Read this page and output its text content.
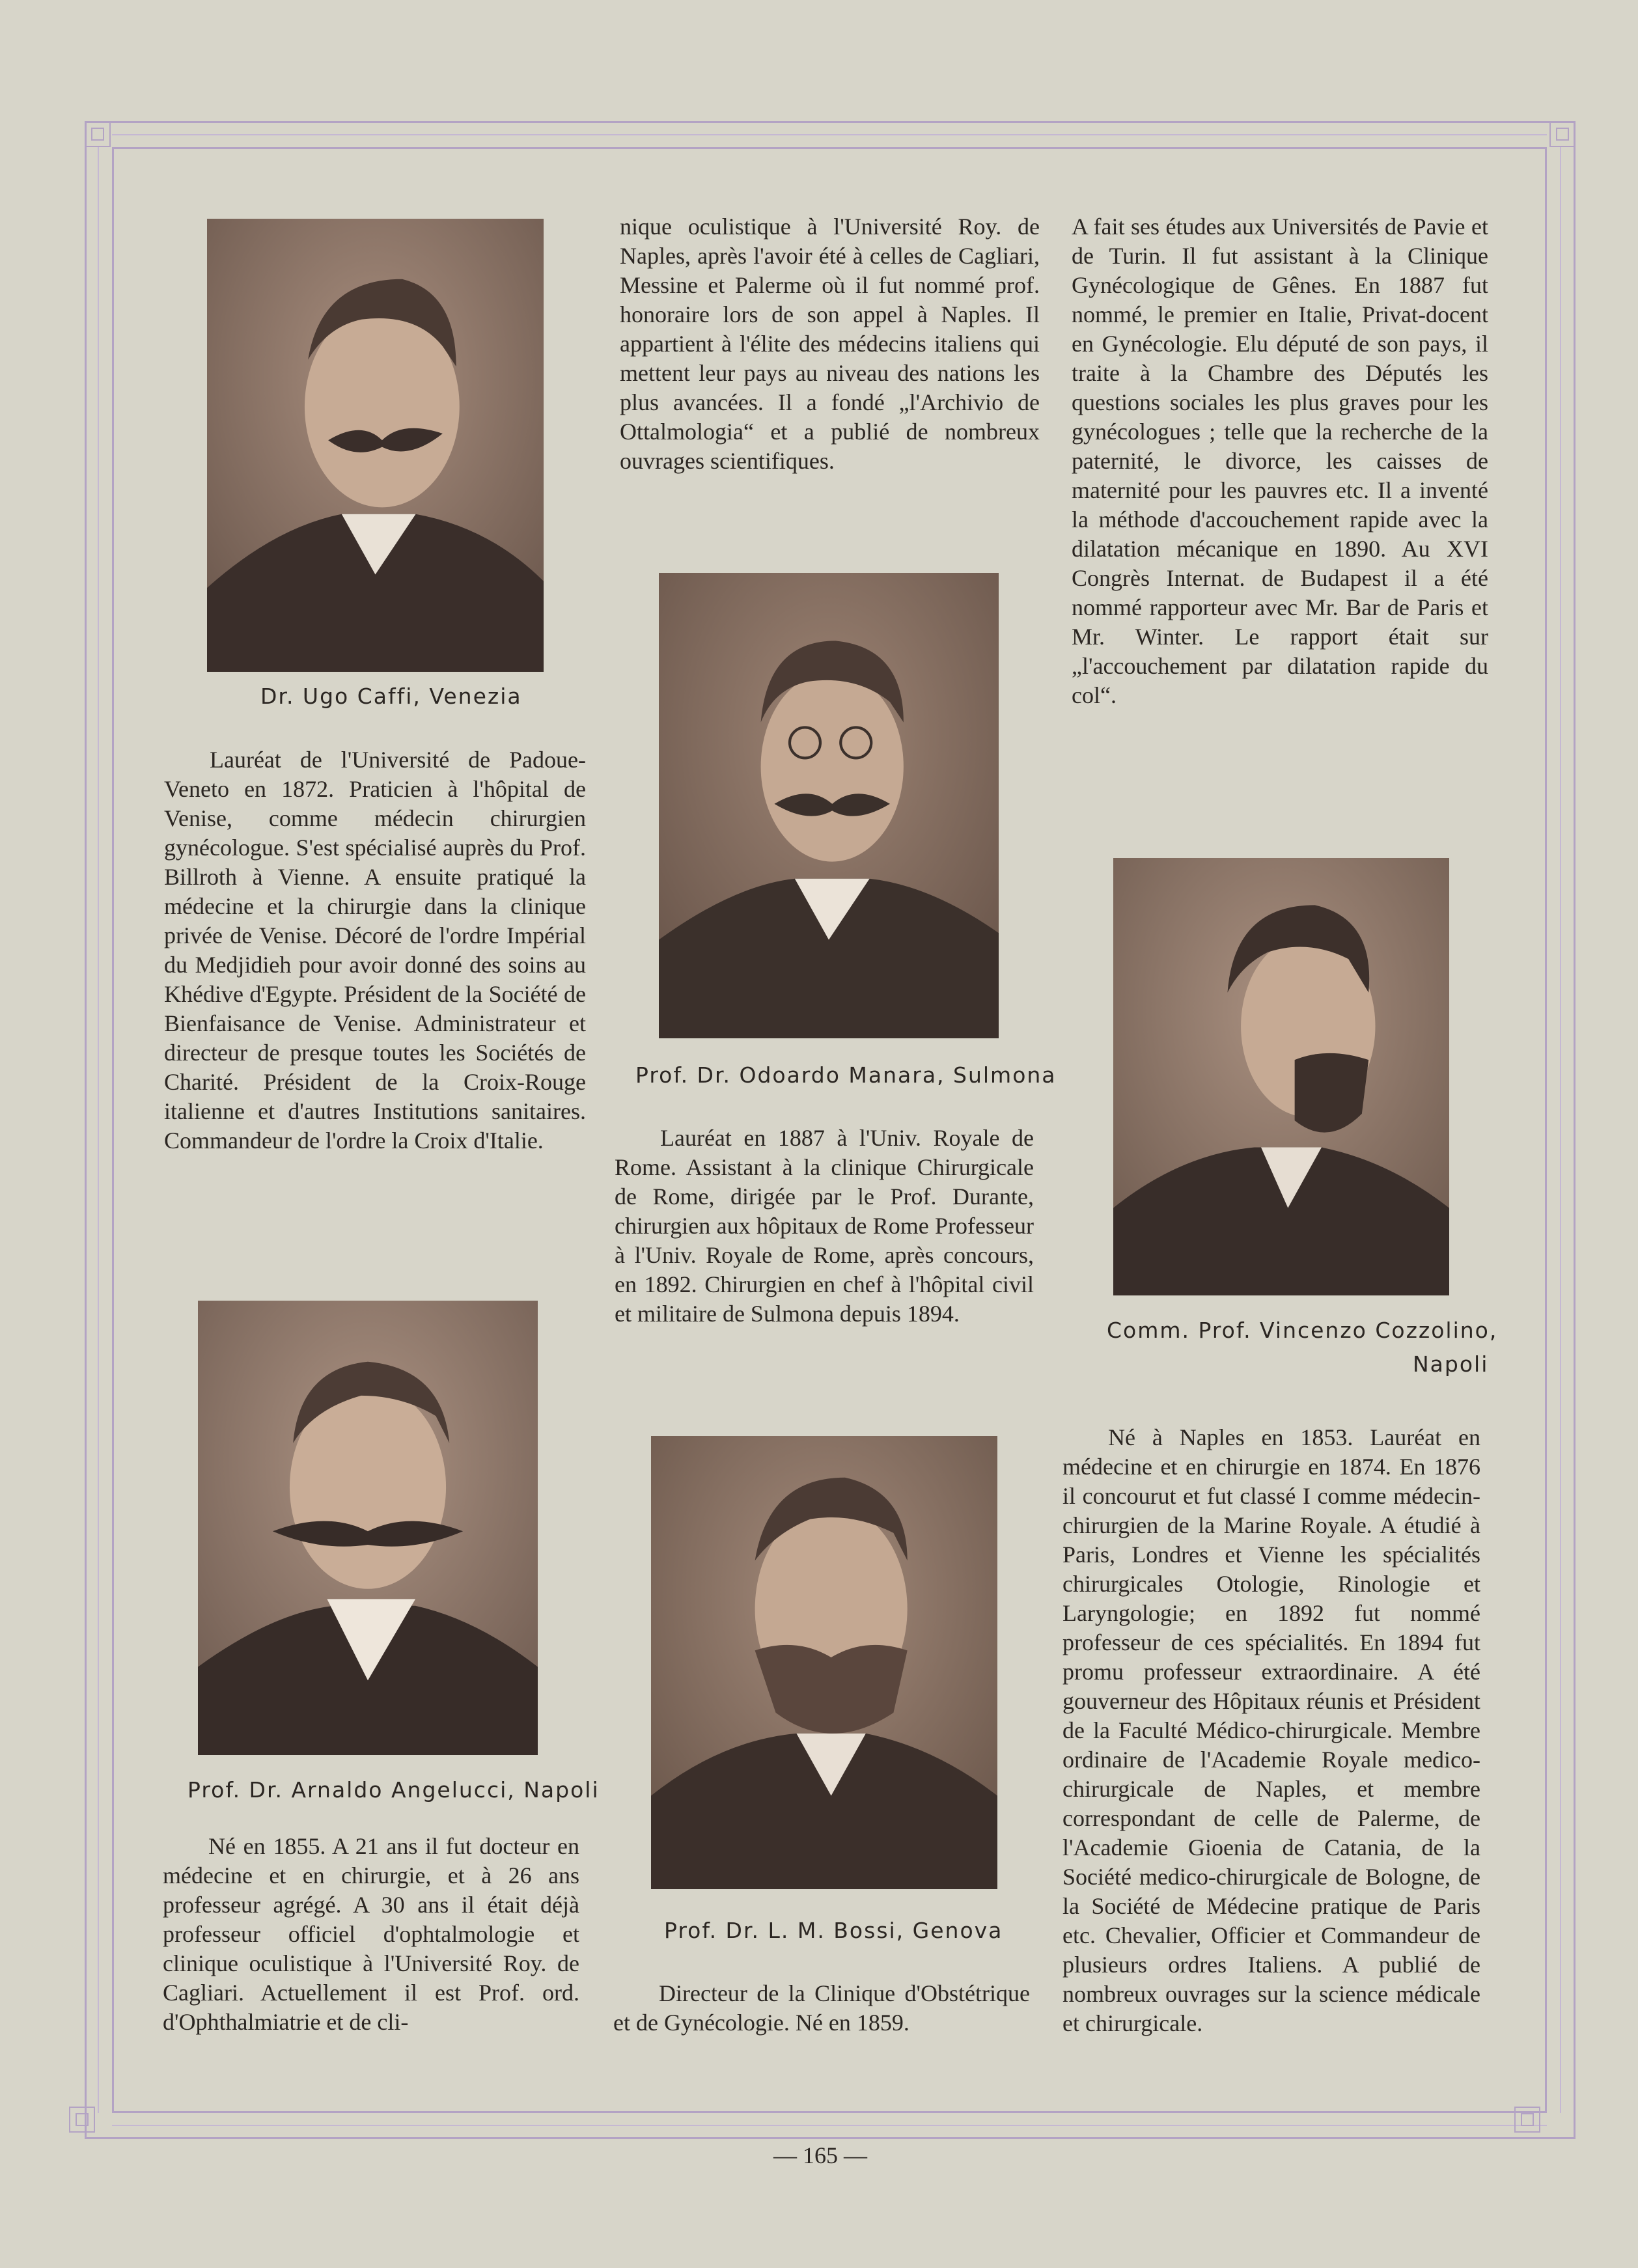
Dr. Ugo Caffi, Venezia

Lauréat de l'Université de Padoue-Veneto en 1872. Praticien à l'hôpital de Venise, comme médecin chirurgien gynécologue. S'est spécialisé auprès du Prof. Billroth à Vienne. A ensuite pratiqué la médecine et la chirurgie dans la clinique privée de Venise. Décoré de l'ordre Impérial du Medjidieh pour avoir donné des soins au Khédive d'Egypte. Président de la Société de Bienfaisance de Venise. Administrateur et directeur de presque toutes les Sociétés de Charité. Président de la Croix-Rouge italienne et d'autres Institutions sanitaires. Commandeur de l'ordre la Croix d'Italie.

nique oculistique à l'Université Roy. de Naples, après l'avoir été à celles de Cagliari, Messine et Palerme où il fut nommé prof. honoraire lors de son appel à Naples. Il appartient à l'élite des médecins italiens qui mettent leur pays au niveau des nations les plus avancées. Il a fondé „l'Archivio de Ottalmologia“ et a publié de nombreux ouvrages scientifiques.

A fait ses études aux Universités de Pavie et de Turin. Il fut assistant à la Clinique Gynécologique de Gênes. En 1887 fut nommé, le premier en Italie, Privat-docent en Gynécologie. Elu député de son pays, il traite à la Chambre des Députés les questions sociales les plus graves pour les gynécologues ; telle que la recherche de la paternité, le divorce, les caisses de maternité pour les pauvres etc. Il a inventé la méthode d'accouchement rapide avec la dilatation mécanique en 1890. Au XVI Congrès Internat. de Budapest il a été nommé rapporteur avec Mr. Bar de Paris et Mr. Winter. Le rapport était sur „l'accouchement par dilatation rapide du col“.

Prof. Dr. Odoardo Manara, Sulmona

Lauréat en 1887 à l'Univ. Royale de Rome. Assistant à la clinique Chirurgicale de Rome, dirigée par le Prof. Durante, chirurgien aux hôpitaux de Rome Professeur à l'Univ. Royale de Rome, après concours, en 1892. Chirurgien en chef à l'hôpital civil et militaire de Sulmona depuis 1894.

Comm. Prof. Vincenzo Cozzolino,
Napoli

Né à Naples en 1853. Lauréat en médecine et en chirurgie en 1874. En 1876 il concourut et fut classé I comme médecin-chirurgien de la Marine Royale. A étudié à Paris, Londres et Vienne les spécialités chirurgicales Otologie, Rinologie et Laryngologie; en 1892 fut nommé professeur de ces spécialités. En 1894 fut promu professeur extraordinaire. A été gouverneur des Hôpitaux réunis et Président de la Faculté Médico-chirurgicale. Membre ordinaire de l'Academie Royale medico-chirurgicale de Naples, et membre correspondant de celle de Palerme, de l'Academie Gioenia de Catania, de la Société medico-chirurgicale de Bologne, de la Société de Médecine pratique de Paris etc. Chevalier, Officier et Commandeur de plusieurs ordres Italiens. A publié de nombreux ouvrages sur la science médicale et chirurgicale.

Prof. Dr. Arnaldo Angelucci, Napoli

Né en 1855. A 21 ans il fut docteur en médecine et en chirurgie, et à 26 ans professeur agrégé. A 30 ans il était déjà professeur officiel d'ophtalmologie et clinique oculistique à l'Université Roy. de Cagliari. Actuellement il est Prof. ord. d'Ophthalmiatrie et de cli-

Prof. Dr. L. M. Bossi, Genova

Directeur de la Clinique d'Obstétrique et de Gynécologie. Né en 1859.

— 165 —
